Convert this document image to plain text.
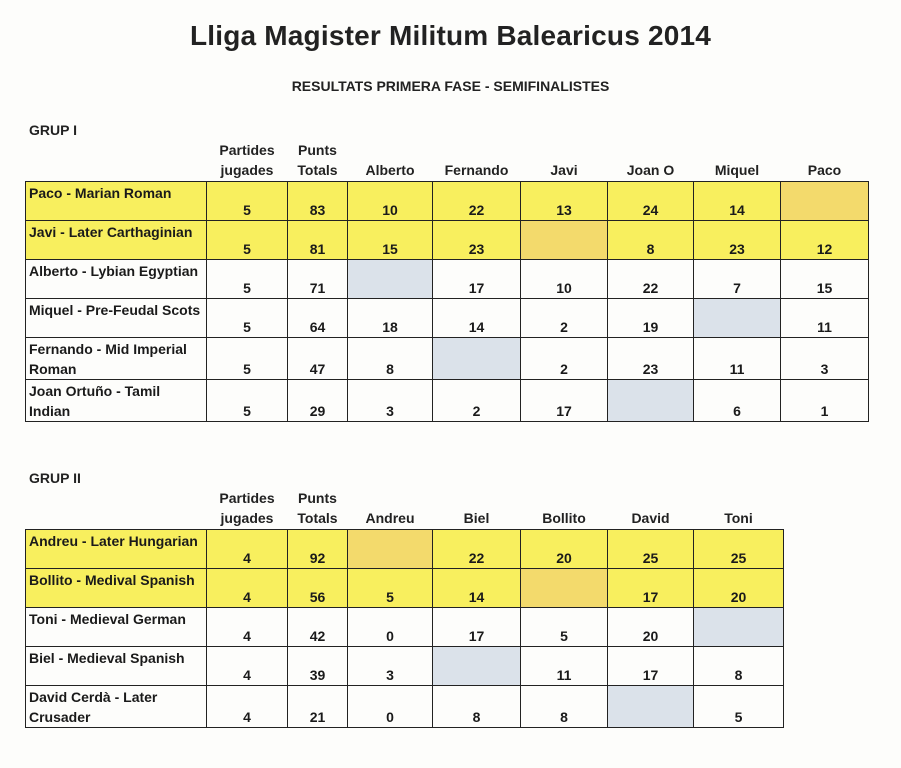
Lliga Magister Militum Balearicus 2014
RESULTATS PRIMERA FASE - SEMIFINALISTES
GRUP I
	Partides jugades	Punts Totals	Alberto	Fernando	Javi	Joan O	Miquel	Paco
Paco - Marian Roman	5	83	10	22	13	24	14	
Javi - Later Carthaginian	5	81	15	23		8	23	12
Alberto - Lybian Egyptian	5	71		17	10	22	7	15
Miquel - Pre-Feudal Scots	5	64	18	14	2	19		11
Fernando - Mid Imperial Roman	5	47	8		2	23	11	3
Joan Ortuño - Tamil Indian	5	29	3	2	17		6	1
GRUP II
	Partides jugades	Punts Totals	Andreu	Biel	Bollito	David	Toni
Andreu - Later Hungarian	4	92		22	20	25	25
Bollito - Medival Spanish	4	56	5	14		17	20
Toni - Medieval German	4	42	0	17	5	20	
Biel - Medieval Spanish	4	39	3		11	17	8
David Cerdà - Later Crusader	4	21	0	8	8		5
